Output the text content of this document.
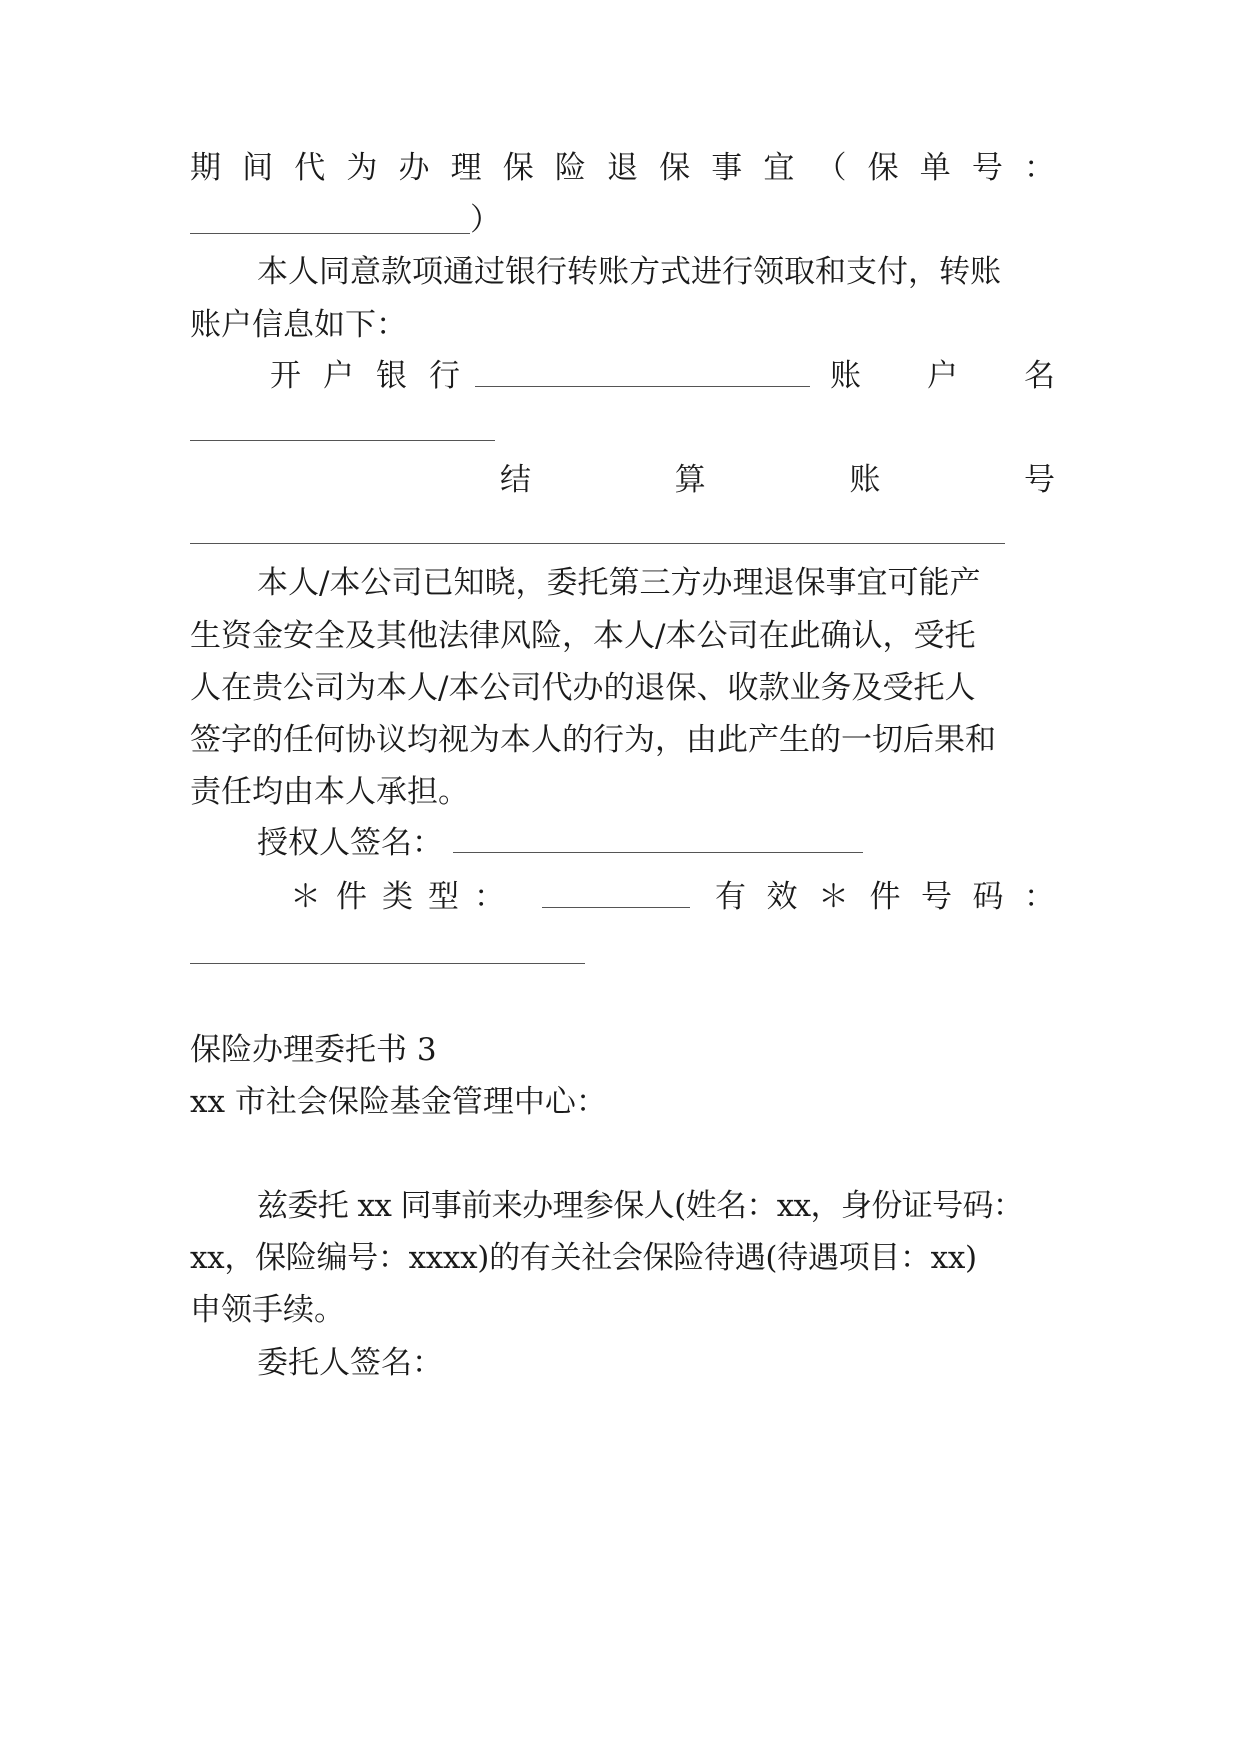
期 间 代 为 办 理 保 险 退 保 事 宜 （ 保 单 号 ：
）
本人同意款项通过银行转账方式进行领取和支付，转账
账户信息如下：
开 户 银 行	账 户 名
结	算	账	号
本人/本公司已知晓，委托第三方办理退保事宜可能产
生资金安全及其他法律风险，本人/本公司在此确认，受托
人在贵公司为本人/本公司代办的退保、收款业务及受托人
签字的任何协议均视为本人的行为，由此产生的一切后果和
责任均由本人承担。
授权人签名：
＊ 件 类 型 ：	有 效 ＊ 件 号 码 ：
保险办理委托书 3
xx 市社会保险基金管理中心：
兹委托 xx 同事前来办理参保人(姓名：xx，身份证号码：
xx，保险编号：xxxx)的有关社会保险待遇(待遇项目：xx)
申领手续。
委托人签名：
